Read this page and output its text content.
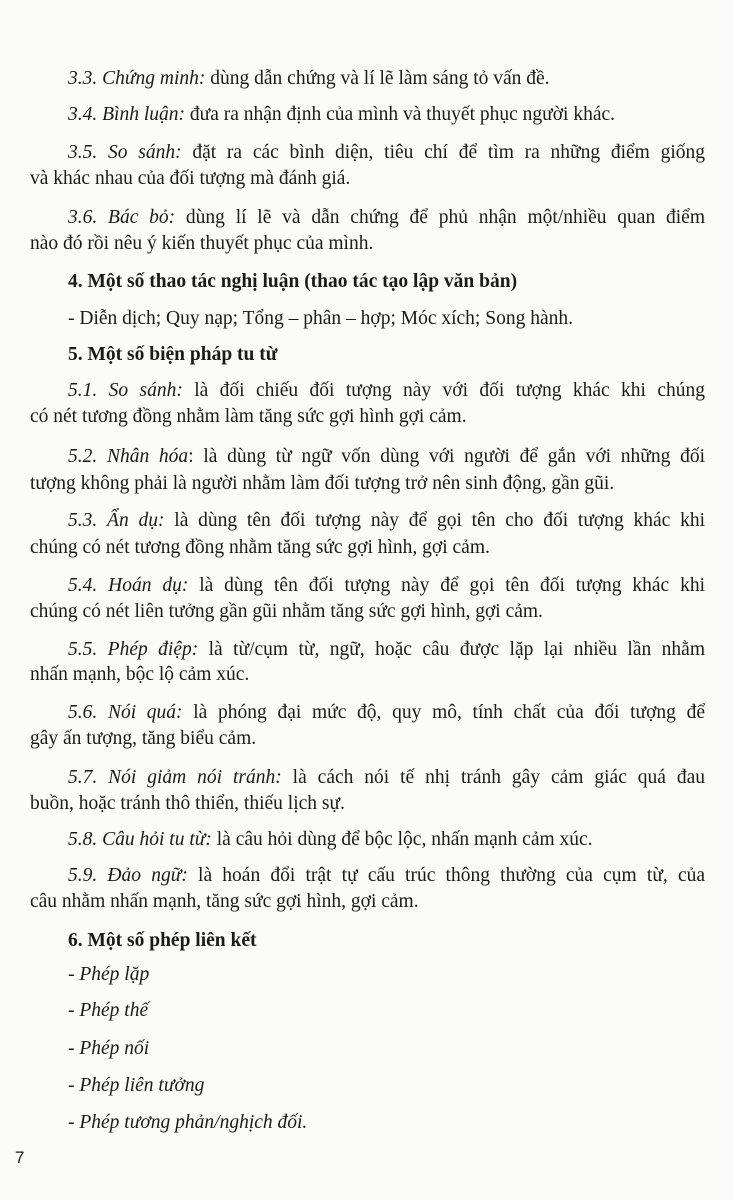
3.3. Chứng minh: dùng dẫn chứng và lí lẽ làm sáng tỏ vấn đề.
3.4. Bình luận: đưa ra nhận định của mình và thuyết phục người khác.
3.5. So sánh: đặt ra các bình diện, tiêu chí để tìm ra những điểm giống
và khác nhau của đối tượng mà đánh giá.
3.6. Bác bỏ: dùng lí lẽ và dẫn chứng để phủ nhận một/nhiều quan điểm
nào đó rồi nêu ý kiến thuyết phục của mình.
4. Một số thao tác nghị luận (thao tác tạo lập văn bản)
- Diễn dịch; Quy nạp; Tổng – phân – hợp; Móc xích; Song hành.
5. Một số biện pháp tu từ
5.1. So sánh: là đối chiếu đối tượng này với đối tượng khác khi chúng
có nét tương đồng nhằm làm tăng sức gợi hình gợi cảm.
5.2. Nhân hóa: là dùng từ ngữ vốn dùng với người để gắn với những đối
tượng không phải là người nhằm làm đối tượng trở nên sinh động, gần gũi.
5.3. Ẩn dụ: là dùng tên đối tượng này để gọi tên cho đối tượng khác khi
chúng có nét tương đồng nhằm tăng sức gợi hình, gợi cảm.
5.4. Hoán dụ: là dùng tên đối tượng này để gọi tên đối tượng khác khi
chúng có nét liên tưởng gần gũi nhằm tăng sức gợi hình, gợi cảm.
5.5. Phép điệp: là từ/cụm từ, ngữ, hoặc câu được lặp lại nhiều lần nhằm
nhấn mạnh, bộc lộ cảm xúc.
5.6. Nói quá: là phóng đại mức độ, quy mô, tính chất của đối tượng để
gây ấn tượng, tăng biểu cảm.
5.7. Nói giảm nói tránh: là cách nói tế nhị tránh gây cảm giác quá đau
buồn, hoặc tránh thô thiển, thiếu lịch sự.
5.8. Câu hỏi tu từ: là câu hỏi dùng để bộc lộc, nhấn mạnh cảm xúc.
5.9. Đảo ngữ: là hoán đổi trật tự cấu trúc thông thường của cụm từ, của
câu nhằm nhấn mạnh, tăng sức gợi hình, gợi cảm.
6. Một số phép liên kết
- Phép lặp
- Phép thế
- Phép nối
- Phép liên tưởng
- Phép tương phản/nghịch đối.
7
